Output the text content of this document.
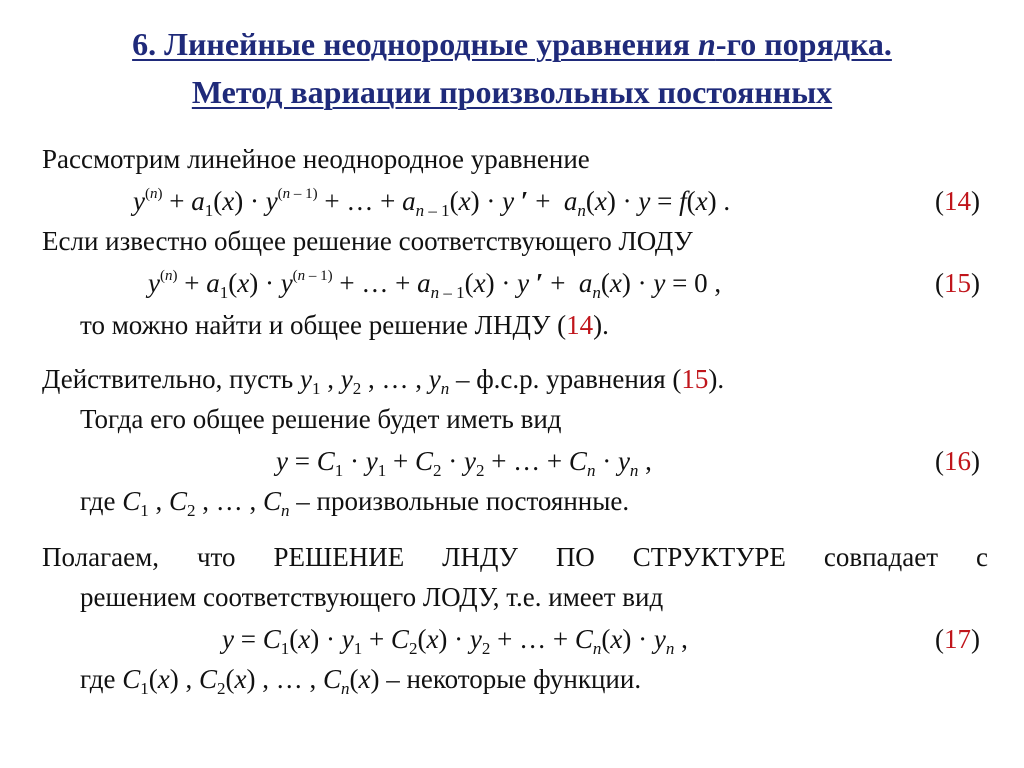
6. Линейные неоднородные уравнения n-го порядка.
Метод вариации произвольных постоянных
Рассмотрим линейное неоднородное уравнение
$y^{(n)} + a_1(x) \cdot y^{(n - 1)}$ + … + $a_{n - 1}(x) \cdot y$ ′ +  $a_n(x) \cdot y = f(x)$ .	(14)
Если известно общее решение соответствующего ЛОДУ
$y^{(n)} + a_1(x) \cdot y^{(n - 1)}$ + … + $a_{n - 1}(x) \cdot y$ ′ +  $a_n(x) \cdot y = 0$ ,	(15)
то можно найти и общее решение ЛНДУ (14).
Действительно, пусть $y_1$ , $y_2$ , … , $y_n - ф.с.р$. уравнения (15).
Тогда его общее решение будет иметь вид
$y = C_1 \cdot y_1 + C_2 \cdot y_2$ + … + $C_n \cdot y_n$ ,	(16)
где $C_1$ , $C_2$ , … , $C_n$ – произвольные постоянные.
Полагаем, что РЕШЕНИЕ ЛНДУ ПО СТРУКТУРЕ совпадает с
решением соответствующего ЛОДУ, т.е. имеет вид
$y = C_1(x) \cdot y_1 + C_2(x) \cdot y_2$ + … + $C_n(x) \cdot y_n$ ,	(17)
где $C_1(x)$ , $C_2(x)$ , … , $C_n(x)$ – некоторые функции.
